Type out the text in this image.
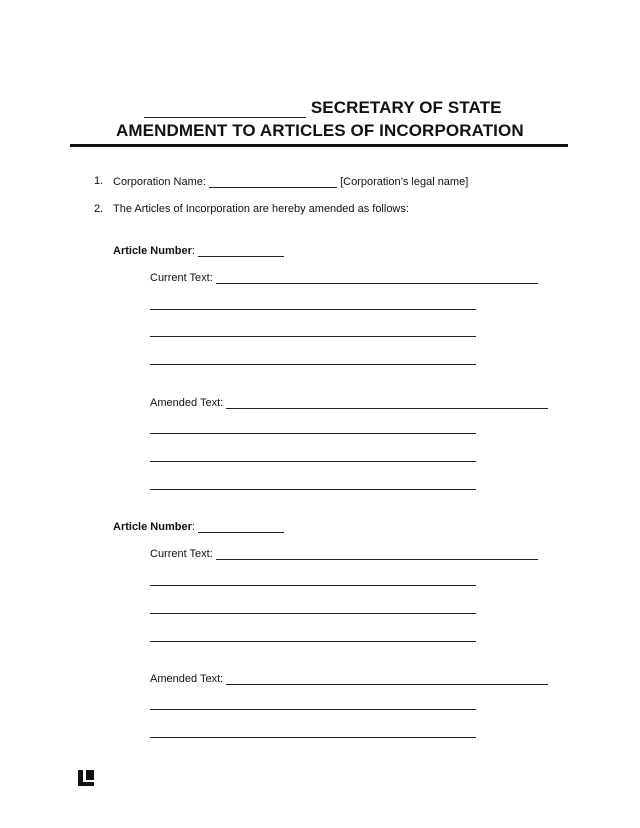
SECRETARY OF STATE
AMENDMENT TO ARTICLES OF INCORPORATION
1. Corporation Name:	[Corporation’s legal name]
2. The Articles of Incorporation are hereby amended as follows:
Article Number:
Current Text:
Amended Text:
Article Number:
Current Text:
Amended Text:
